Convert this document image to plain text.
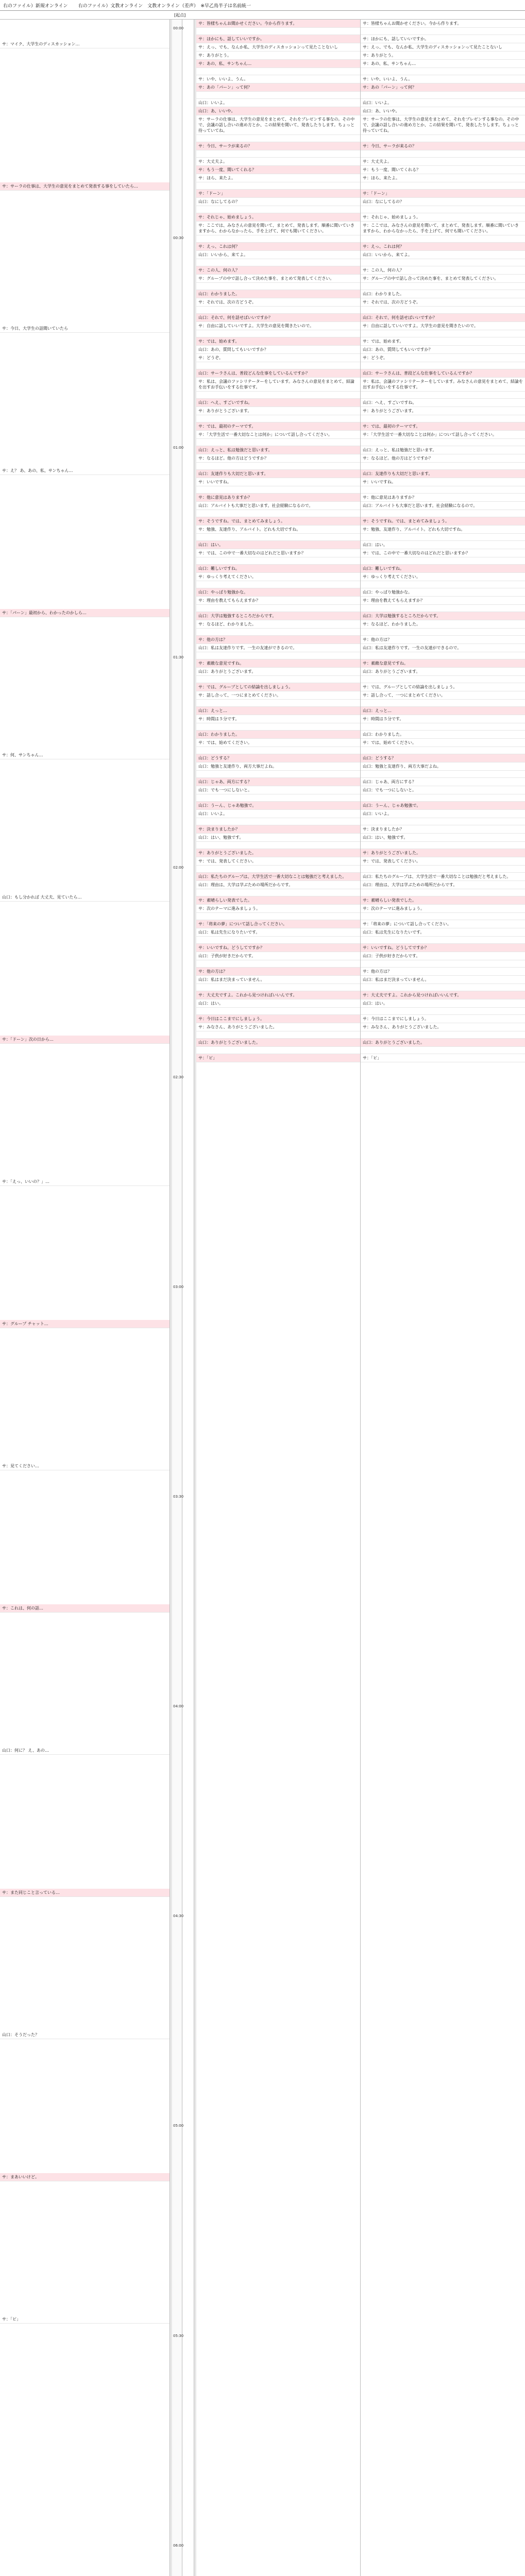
右のファイル）新規オンライン 右のファイル）文教オンライン　文教オンライン（差声）　※早乙鳥半子は名前統一
[起点]
サ：マイク、大学生のディスカッション…
サ：サーラの仕事は、大学生の意見をまとめて発表する事をしていたら…
サ：今日、大学生の話聞いていたら
サ：え？ あ、あの、私、サンちゃん…
サ：「パーン」最初から、わかったのかしら…
サ：何、サンちゃん…
山口：もし分かれば 大丈夫、見ていたら…
サ：「ドーン」次の日から…
サ：「えっ、いいの？」…
サ：グループ チャット…
サ：見てください…
サ：これは、何の話…
山口：何に？ え、あの…
サ：また同じこと言っている…
山口：そうだった？
サ：まあいいけど。
サ：「ピ」
00:00
00:30
01:00
01:30
02:00
02:30
03:00
03:30
04:00
04:30
05:00
05:30
06:00
サ：皆様ちゃんお聞かせください。今から作ります。
サ：ほかにも、話していいですか。
サ：えっ、でも、なんか私、大学生のディスカッションって見たことないし
サ：ありがとう。
サ：あの、私、サンちゃん…
サ：いや、いいよ、うん。
サ：あの「パーン」って何？
山口：いいよ。
山口：あ、いいや。
サ：サーラの仕事は、大学生の意見をまとめて、それをプレゼンする事なの。その中で、会議の話し合いの進め方とか、この結果を聞いて、発表したりします。ちょっと待っていてね。
サ：今日、サーラが来るの？
サ：大丈夫よ。
サ：もう一度、聞いてくれる？
サ：ほら、来たよ。
サ：「ドーン」
山口：なにしてるの？
サ：それじゃ、始めましょう。
サ：ここでは、みなさんの意見を聞いて、まとめて、発表します。順番に聞いていきますから、わからなかったら、手を上げて、何でも聞いてください。
サ：えっ、これは何？
山口：いいから、来てよ。
サ：この人、何の人？
サ：グループの中で話し合って決めた事を、まとめて発表してください。
山口：わかりました。
サ：それでは、次の方どうぞ。
山口：それで、何を話せばいいですか？
サ：自由に話していいですよ。大学生の意見を聞きたいので。
サ：では、始めます。
山口：あの、質問してもいいですか？
サ：どうぞ。
山口：サーラさんは、普段どんな仕事をしているんですか？
サ：私は、会議のファシリテーターをしています。みなさんの意見をまとめて、結論を出すお手伝いをする仕事です。
山口：へえ、すごいですね。
サ：ありがとうございます。
サ：では、最初のテーマです。
サ：「大学生活で一番大切なことは何か」について話し合ってください。
山口：えっと、私は勉強だと思います。
サ：なるほど。他の方はどうですか？
山口：友達作りも大切だと思います。
サ：いいですね。
サ：他に意見はありますか？
山口：アルバイトも大事だと思います。社会経験になるので。
サ：そうですね。では、まとめてみましょう。
サ：勉強、友達作り、アルバイト。どれも大切ですね。
山口：はい。
サ：では、この中で一番大切なのはどれだと思いますか？
山口：難しいですね。
サ：ゆっくり考えてください。
山口：やっぱり勉強かな。
サ：理由を教えてもらえますか？
山口：大学は勉強するところだからです。
サ：なるほど、わかりました。
サ：他の方は？
山口：私は友達作りです。一生の友達ができるので。
サ：素敵な意見ですね。
山口：ありがとうございます。
サ：では、グループとしての結論を出しましょう。
サ：話し合って、一つにまとめてください。
山口：えっと…
サ：時間は５分です。
山口：わかりました。
サ：では、始めてください。
山口：どうする？
山口：勉強と友達作り、両方大事だよね。
山口：じゃあ、両方にする？
山口：でも一つにしないと。
山口：うーん、じゃあ勉強で。
山口：いいよ。
サ：決まりましたか？
山口：はい、勉強です。
サ：ありがとうございました。
サ：では、発表してください。
山口：私たちのグループは、大学生活で一番大切なことは勉強だと考えました。
山口：理由は、大学は学ぶための場所だからです。
サ：素晴らしい発表でした。
サ：次のテーマに進みましょう。
サ：「将来の夢」について話し合ってください。
山口：私は先生になりたいです。
サ：いいですね。どうしてですか？
山口：子供が好きだからです。
サ：他の方は？
山口：私はまだ決まっていません。
サ：大丈夫ですよ。これから見つければいいんです。
山口：はい。
サ：今日はここまでにしましょう。
サ：みなさん、ありがとうございました。
山口：ありがとうございました。
サ：「ピ」
サ：皆様ちゃんお聞かせください。今から作ります。
サ：ほかにも、話していいですか。
サ：えっ、でも、なんか私、大学生のディスカッションって見たことないし
サ：ありがとう。
サ：あの、私、サンちゃん…
サ：いや、いいよ、うん。
サ：あの「パーン」って何？
山口：いいよ。
山口：あ、いいや。
サ：サーラの仕事は、大学生の意見をまとめて、それをプレゼンする事なの。その中で、会議の話し合いの進め方とか、この結果を聞いて、発表したりします。ちょっと待っていてね。
サ：今日、サーラが来るの？
サ：大丈夫よ。
サ：もう一度、聞いてくれる？
サ：ほら、来たよ。
サ：「ドーン」
山口：なにしてるの？
サ：それじゃ、始めましょう。
サ：ここでは、みなさんの意見を聞いて、まとめて、発表します。順番に聞いていきますから、わからなかったら、手を上げて、何でも聞いてください。
サ：えっ、これは何？
山口：いいから、来てよ。
サ：この人、何の人？
サ：グループの中で話し合って決めた事を、まとめて発表してください。
山口：わかりました。
サ：それでは、次の方どうぞ。
山口：それで、何を話せばいいですか？
サ：自由に話していいですよ。大学生の意見を聞きたいので。
サ：では、始めます。
山口：あの、質問してもいいですか？
サ：どうぞ。
山口：サーラさんは、普段どんな仕事をしているんですか？
サ：私は、会議のファシリテーターをしています。みなさんの意見をまとめて、結論を出すお手伝いをする仕事です。
山口：へえ、すごいですね。
サ：ありがとうございます。
サ：では、最初のテーマです。
サ：「大学生活で一番大切なことは何か」について話し合ってください。
山口：えっと、私は勉強だと思います。
サ：なるほど。他の方はどうですか？
山口：友達作りも大切だと思います。
サ：いいですね。
サ：他に意見はありますか？
山口：アルバイトも大事だと思います。社会経験になるので。
サ：そうですね。では、まとめてみましょう。
サ：勉強、友達作り、アルバイト。どれも大切ですね。
山口：はい。
サ：では、この中で一番大切なのはどれだと思いますか？
山口：難しいですね。
サ：ゆっくり考えてください。
山口：やっぱり勉強かな。
サ：理由を教えてもらえますか？
山口：大学は勉強するところだからです。
サ：なるほど、わかりました。
サ：他の方は？
山口：私は友達作りです。一生の友達ができるので。
サ：素敵な意見ですね。
山口：ありがとうございます。
サ：では、グループとしての結論を出しましょう。
サ：話し合って、一つにまとめてください。
山口：えっと…
サ：時間は５分です。
山口：わかりました。
サ：では、始めてください。
山口：どうする？
山口：勉強と友達作り、両方大事だよね。
山口：じゃあ、両方にする？
山口：でも一つにしないと。
山口：うーん、じゃあ勉強で。
山口：いいよ。
サ：決まりましたか？
山口：はい、勉強です。
サ：ありがとうございました。
サ：では、発表してください。
山口：私たちのグループは、大学生活で一番大切なことは勉強だと考えました。
山口：理由は、大学は学ぶための場所だからです。
サ：素晴らしい発表でした。
サ：次のテーマに進みましょう。
サ：「将来の夢」について話し合ってください。
山口：私は先生になりたいです。
サ：いいですね。どうしてですか？
山口：子供が好きだからです。
サ：他の方は？
山口：私はまだ決まっていません。
サ：大丈夫ですよ。これから見つければいいんです。
山口：はい。
サ：今日はここまでにしましょう。
サ：みなさん、ありがとうございました。
山口：ありがとうございました。
サ：「ピ」
